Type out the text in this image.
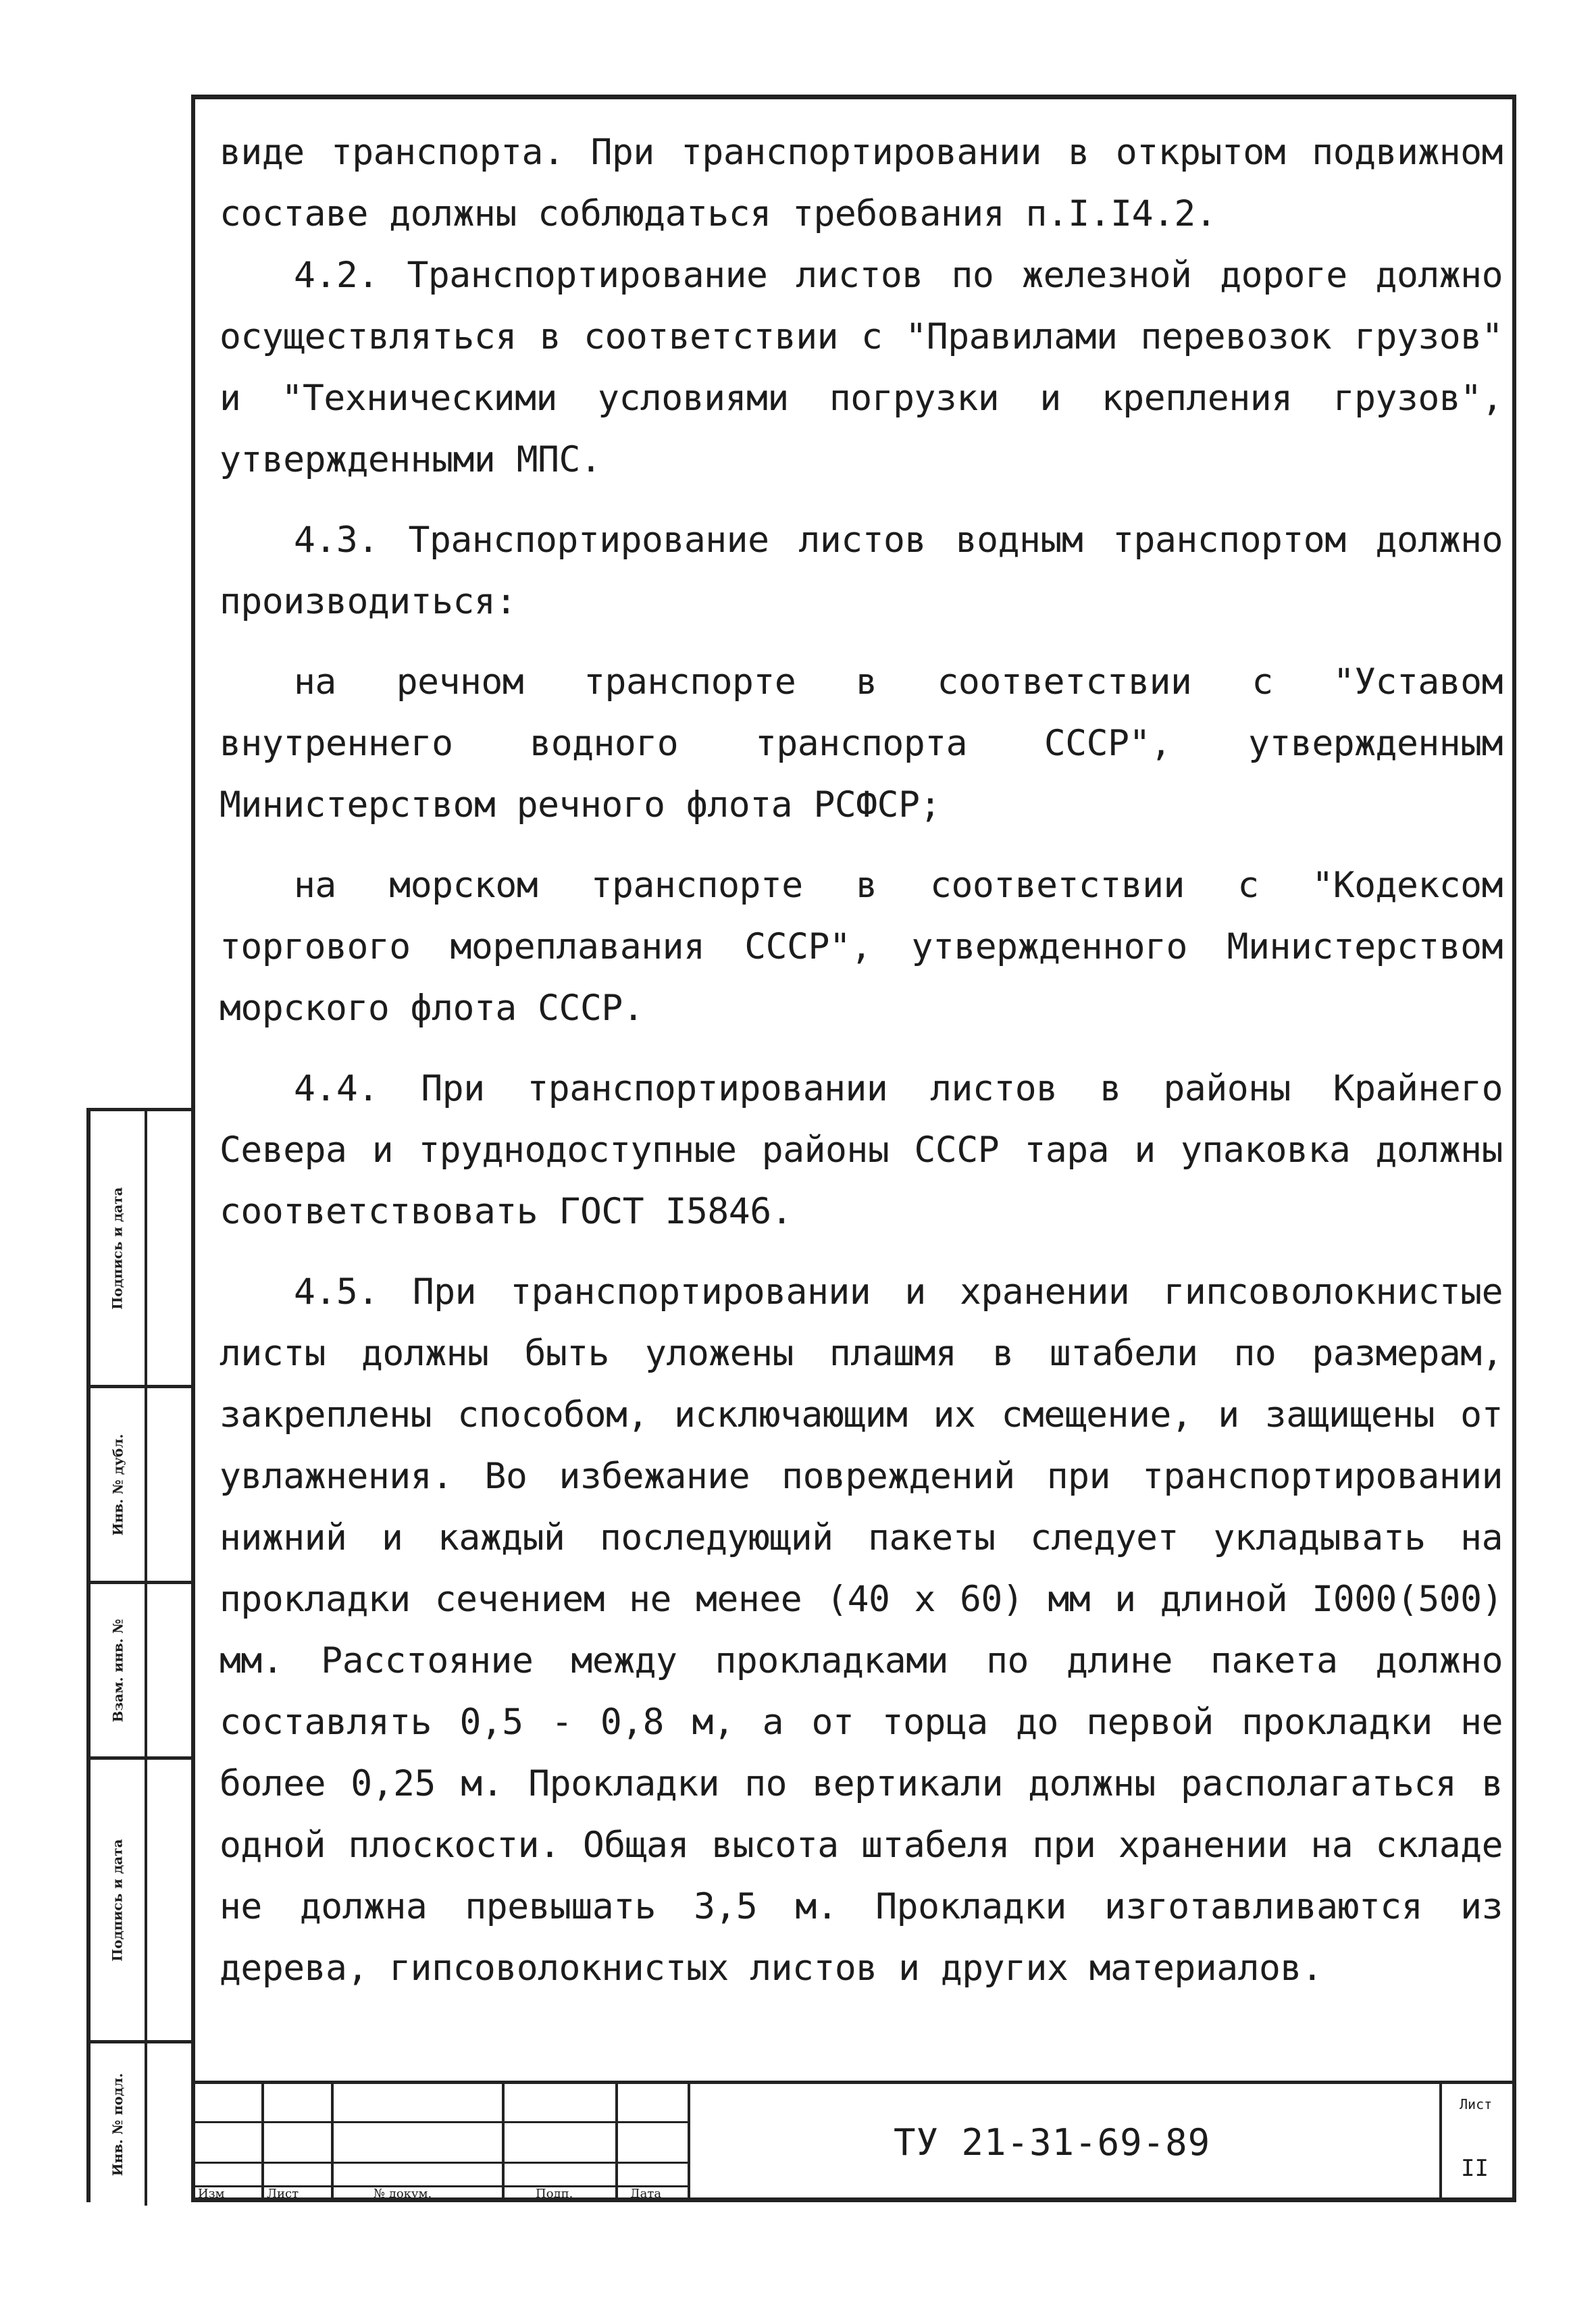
виде транспорта. При транспортировании в открытом подвижном составе должны соблюдаться требования п.I.I4.2.

4.2. Транспортирование листов по железной дороге должно осуществляться в соответствии с "Правилами перевозок грузов" и "Техническими условиями погрузки и крепления грузов", утвержденными МПС.

4.3. Транспортирование листов водным транспортом должно производиться:

на речном транспорте в соответствии с "Уставом внутреннего водного транспорта СССР", утвержденным Министерством речного флота РСФСР;

на морском транспорте в соответствии с "Кодексом торгового мореплавания СССР", утвержденного Министерством морского флота СССР.

4.4. При транспортировании листов в районы Крайнего Севера и труднодоступные районы СССР тара и упаковка должны соответствовать ГОСТ I5846.

4.5. При транспортировании и хранении гипсоволокнистые листы должны быть уложены плашмя в штабели по размерам, закреплены способом, исключающим их смещение, и защищены от увлажнения. Во избежание повреждений при транспортировании нижний и каждый последующий пакеты следует укладывать на прокладки сечением не менее (40 х 60) мм и длиной I000(500) мм. Расстояние между прокладками по длине пакета должно составлять 0,5 - 0,8 м, а от торца до первой прокладки не более 0,25 м. Прокладки по вертикали должны располагаться в одной плоскости. Общая высота штабеля при хранении на складе не должна превышать 3,5 м. Прокладки изготавливаются из дерева, гипсоволокнистых листов и других материалов.

Подпись и дата
Инв. № дубл.
Взам. инв. №
Подпись и дата
Инв. № подл.
Изм	Лист	№ докум.	Подп.	Дата
ТУ 21-31-69-89
Лист
II
